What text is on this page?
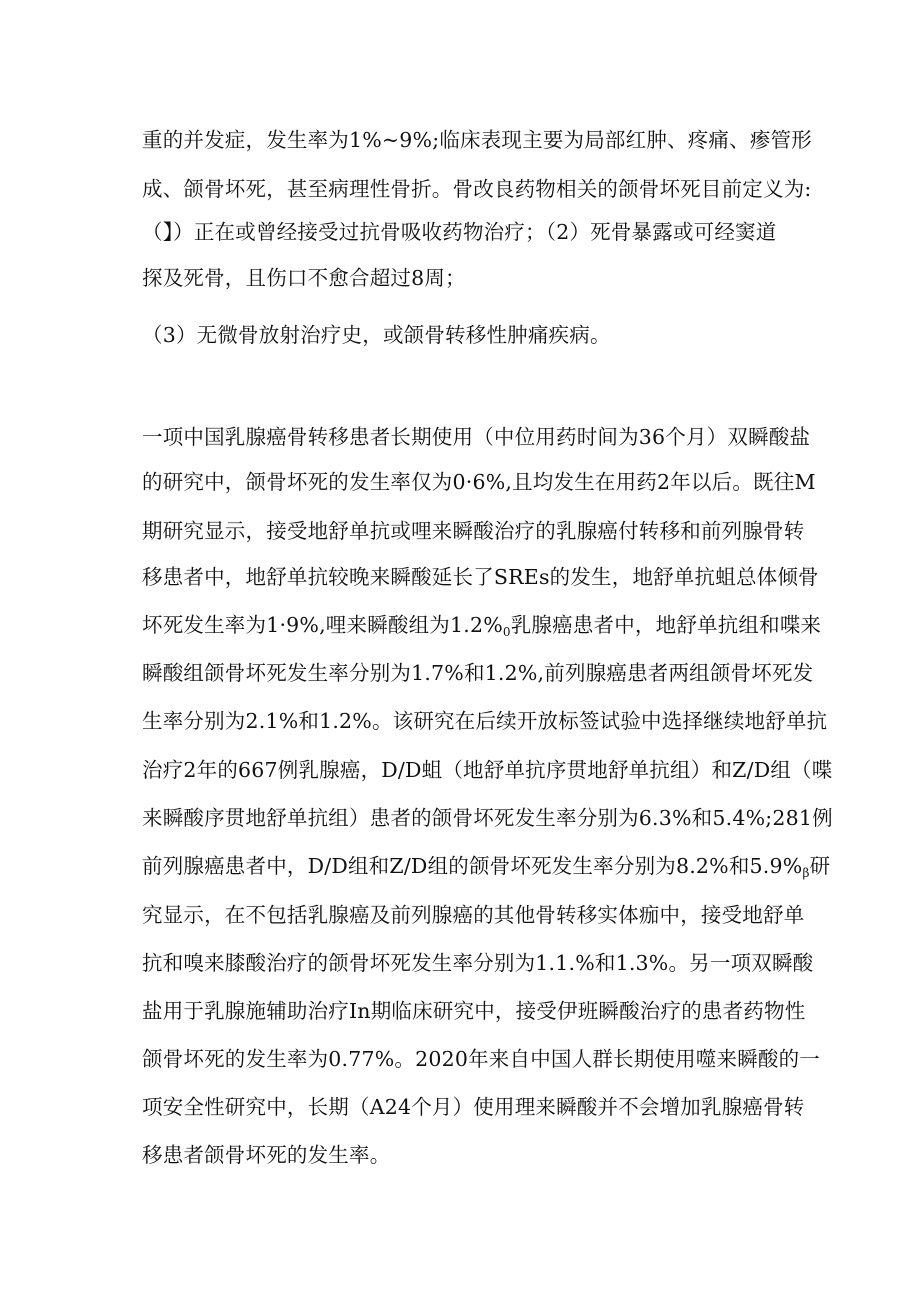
重的并发症，发生率为1%~9%;临床表现主要为局部红肿、疼痛、瘆管形
成、颌骨坏死，甚至病理性骨折。骨改良药物相关的颌骨坏死目前定义为:
（】）正在或曾经接受过抗骨吸收药物治疗；（2）死骨暴露或可经窦道
探及死骨，且伤口不愈合超过8周；
（3）无微骨放射治疗史，或颌骨转移性肿痛疾病。
一项中国乳腺癌骨转移患者长期使用（中位用药时间为36个月）双瞬酸盐
的研究中，颌骨坏死的发生率仅为0·6%,且均发生在用药2年以后。既往M
期研究显示，接受地舒单抗或哩来瞬酸治疗的乳腺癌付转移和前列腺骨转
移患者中，地舒单抗较晚来瞬酸延长了SREs的发生，地舒单抗蛆总体倾骨
坏死发生率为1·9%,哩来瞬酸组为$1.2\%_0$乳腺癌患者中，地舒单抗组和喋来
瞬酸组颌骨坏死发生率分别为1.7%和1.2%,前列腺癌患者两组颌骨坏死发
生率分别为2.1%和1.2%。该研究在后续开放标签试验中选择继续地舒单抗
治疗2年的667例乳腺癌，D/D蛆（地舒单抗序贯地舒单抗组）和Z/D组（喋
来瞬酸序贯地舒单抗组）患者的颌骨坏死发生率分别为6.3%和5.4%;281例
前列腺癌患者中，D/D组和Z/D组的颌骨坏死发生率分别为8.2%和$5.9\%_\beta$研
究显示，在不包括乳腺癌及前列腺癌的其他骨转移实体痂中，接受地舒单
抗和嗅来膝酸治疗的颌骨坏死发生率分别为1.1.%和1.3%。另一项双瞬酸
盐用于乳腺施辅助治疗In期临床研究中，接受伊班瞬酸治疗的患者药物性
颌骨坏死的发生率为0.77%。2020年来自中国人群长期使用噬来瞬酸的一
项安全性研究中，长期（A24个月）使用理来瞬酸并不会增加乳腺癌骨转
移患者颌骨坏死的发生率。
